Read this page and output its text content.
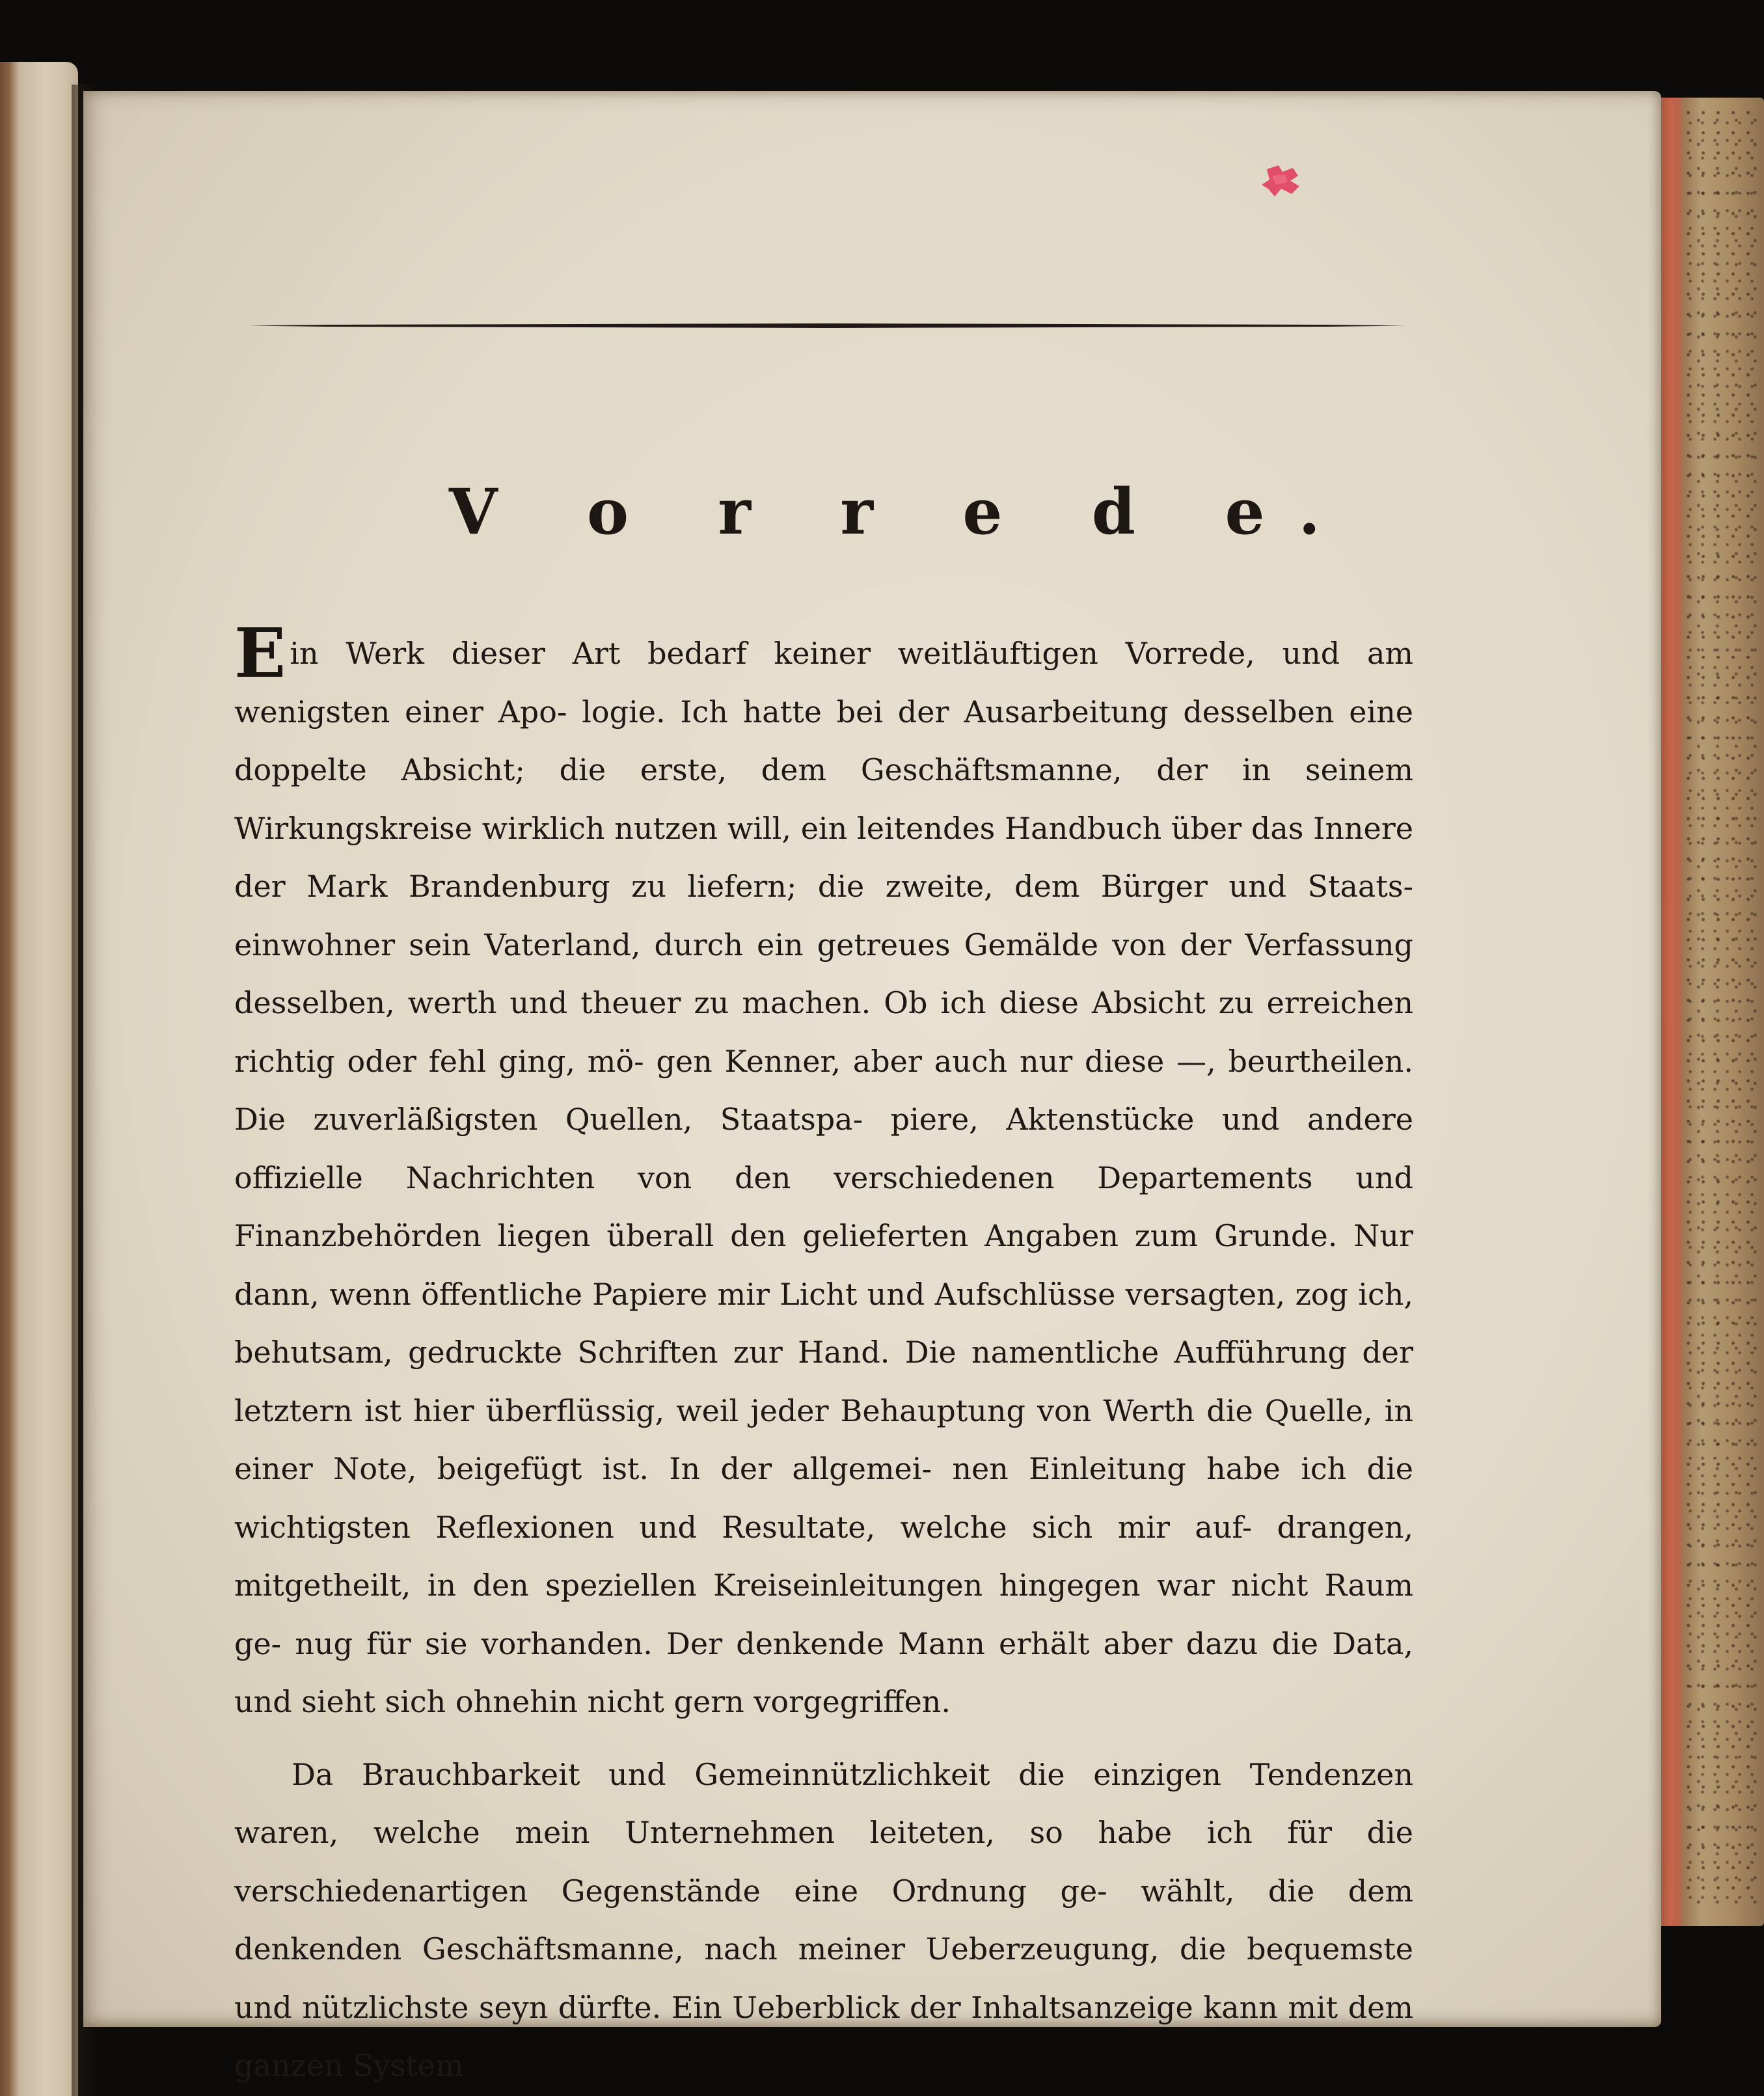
V o r r e d e.

Ein Werk dieser Art bedarf keiner weitläuftigen Vorrede, und am wenigsten einer Apo- logie. Ich hatte bei der Ausarbeitung desselben eine doppelte Absicht; die erste, dem Geschäftsmanne, der in seinem Wirkungskreise wirklich nutzen will, ein leitendes Handbuch über das Innere der Mark Brandenburg zu liefern; die zweite, dem Bürger und Staats- einwohner sein Vaterland, durch ein getreues Gemälde von der Verfassung desselben, werth und theuer zu machen. Ob ich diese Absicht zu erreichen richtig oder fehl ging, mö- gen Kenner, aber auch nur diese —, beurtheilen. Die zuverläßigsten Quellen, Staatspa- piere, Aktenstücke und andere offizielle Nachrichten von den verschiedenen Departements und Finanzbehörden liegen überall den gelieferten Angaben zum Grunde. Nur dann, wenn öffentliche Papiere mir Licht und Aufschlüsse versagten, zog ich, behutsam, gedruckte Schriften zur Hand. Die namentliche Aufführung der letztern ist hier überflüssig, weil jeder Behauptung von Werth die Quelle, in einer Note, beigefügt ist. In der allgemei- nen Einleitung habe ich die wichtigsten Reflexionen und Resultate, welche sich mir auf- drangen, mitgetheilt, in den speziellen Kreiseinleitungen hingegen war nicht Raum ge- nug für sie vorhanden. Der denkende Mann erhält aber dazu die Data, und sieht sich ohnehin nicht gern vorgegriffen.

Da Brauchbarkeit und Gemeinnützlichkeit die einzigen Tendenzen waren, welche mein Unternehmen leiteten, so habe ich für die verschiedenartigen Gegenstände eine Ordnung ge- wählt, die dem denkenden Geschäftsmanne, nach meiner Ueberzeugung, die bequemste und nützlichste seyn dürfte. Ein Ueberblick der Inhaltsanzeige kann mit dem ganzen System
